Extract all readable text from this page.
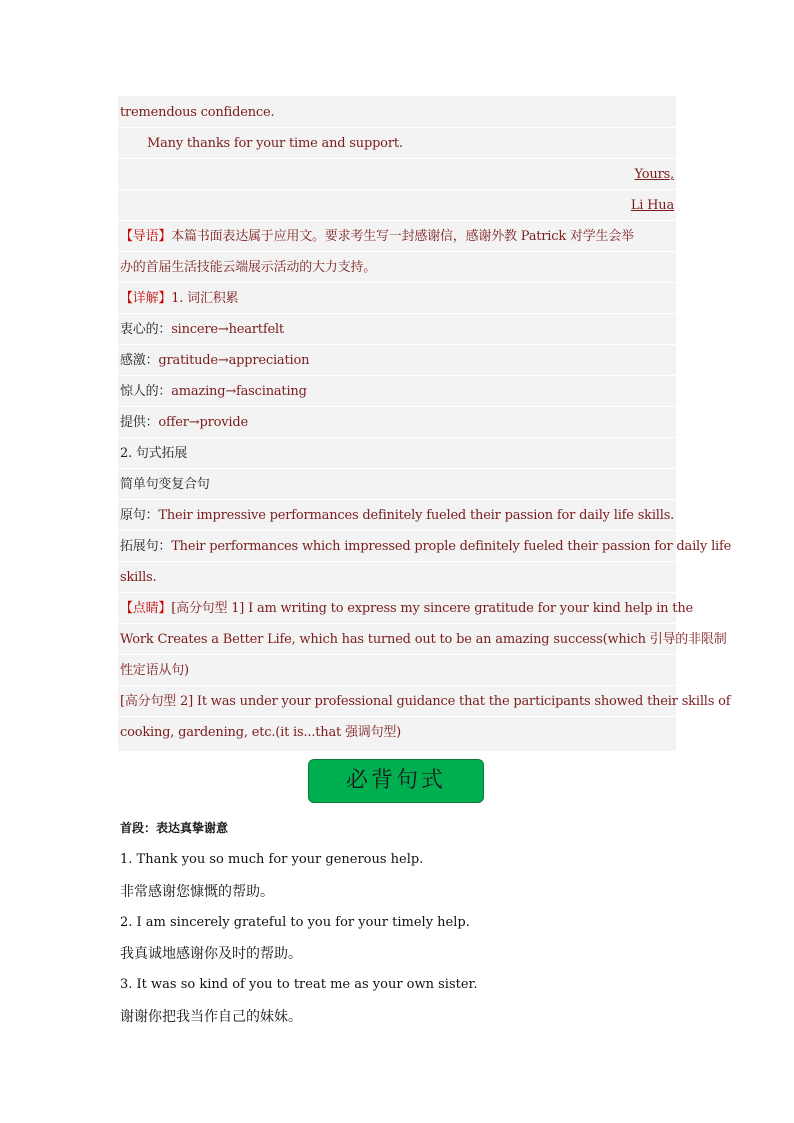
tremendous confidence.
Many thanks for your time and support.
Yours,
Li Hua
【导语】本篇书面表达属于应用文。要求考生写一封感谢信，感谢外教 Patrick 对学生会举
办的首届生活技能云端展示活动的大力支持。
【详解】1. 词汇积累
衷心的：sincere→heartfelt
感激：gratitude→appreciation
惊人的：amazing→fascinating
提供：offer→provide
2. 句式拓展
简单句变复合句
原句：Their impressive performances definitely fueled their passion for daily life skills.
拓展句：Their performances which impressed prople definitely fueled their passion for daily life
skills.
【点睛】[高分句型 1] I am writing to express my sincere gratitude for your kind help in the
Work Creates a Better Life, which has turned out to be an amazing success(which 引导的非限制
性定语从句)
[高分句型 2] It was under your professional guidance that the participants showed their skills of
cooking, gardening, etc.(it is...that 强调句型)
必背句式
首段：表达真挚谢意
1. Thank you so much for your generous help.
非常感谢您慷慨的帮助。
2. I am sincerely grateful to you for your timely help.
我真诚地感谢你及时的帮助。
3. It was so kind of you to treat me as your own sister.
谢谢你把我当作自己的妹妹。
